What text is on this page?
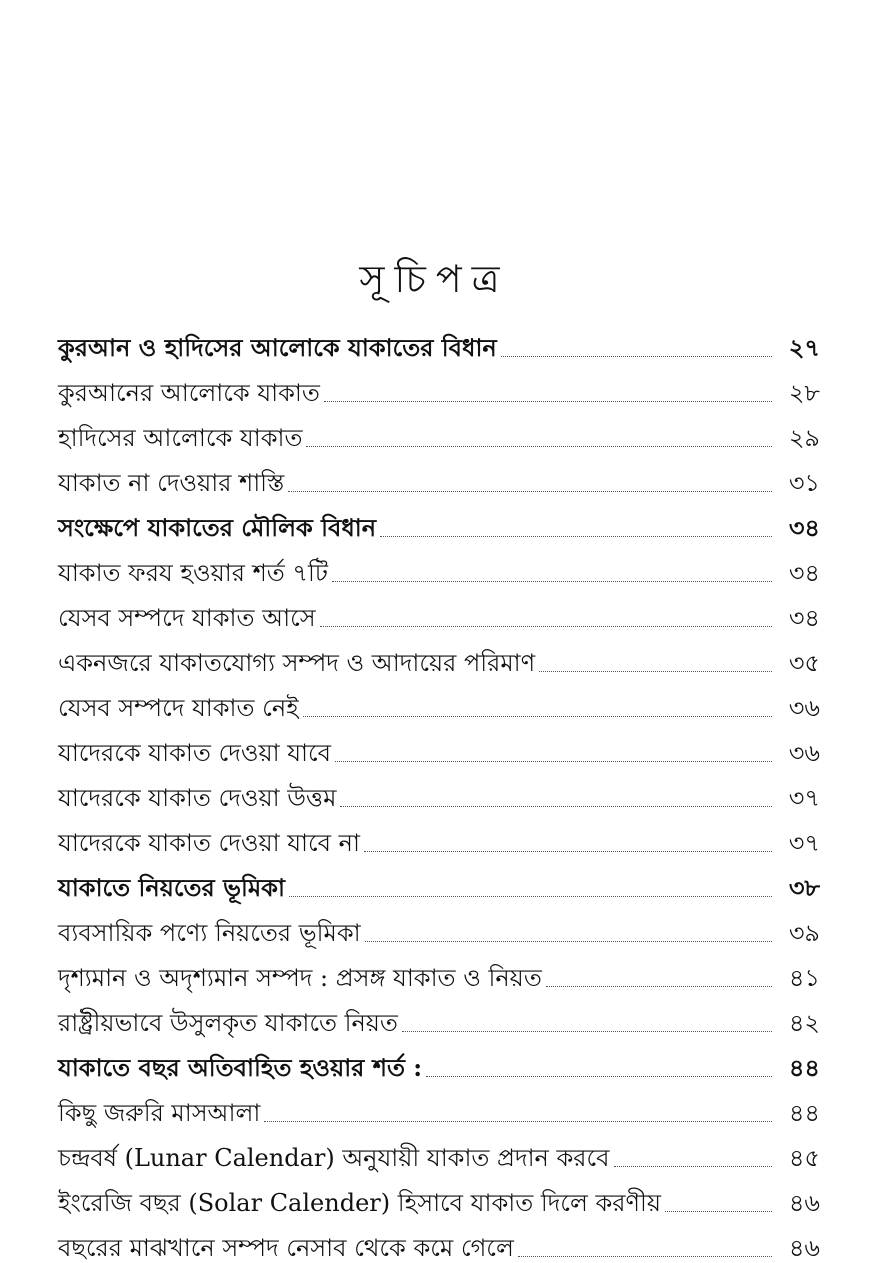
সূচিপত্র
কুরআন ও হাদিসের আলোকে যাকাতের বিধান	২৭
কুরআনের আলোকে যাকাত	২৮
হাদিসের আলোকে যাকাত	২৯
যাকাত না দেওয়ার শাস্তি	৩১
সংক্ষেপে যাকাতের মৌলিক বিধান	৩৪
যাকাত ফরয হওয়ার শর্ত ৭টি	৩৪
যেসব সম্পদে যাকাত আসে	৩৪
একনজরে যাকাতযোগ্য সম্পদ ও আদায়ের পরিমাণ	৩৫
যেসব সম্পদে যাকাত নেই	৩৬
যাদেরকে যাকাত দেওয়া যাবে	৩৬
যাদেরকে যাকাত দেওয়া উত্তম	৩৭
যাদেরকে যাকাত দেওয়া যাবে না	৩৭
যাকাতে নিয়তের ভূমিকা	৩৮
ব্যবসায়িক পণ্যে নিয়তের ভূমিকা	৩৯
দৃশ্যমান ও অদৃশ্যমান সম্পদ : প্রসঙ্গ যাকাত ও নিয়ত	৪১
রাষ্ট্রীয়ভাবে উসুলকৃত যাকাতে নিয়ত	৪২
যাকাতে বছর অতিবাহিত হওয়ার শর্ত :	৪৪
কিছু জরুরি মাসআলা	৪৪
চন্দ্রবর্ষ (Lunar Calendar) অনুযায়ী যাকাত প্রদান করবে	৪৫
ইংরেজি বছর (Solar Calender) হিসাবে যাকাত দিলে করণীয়	৪৬
বছরের মাঝখানে সম্পদ নেসাব থেকে কমে গেলে	৪৬
